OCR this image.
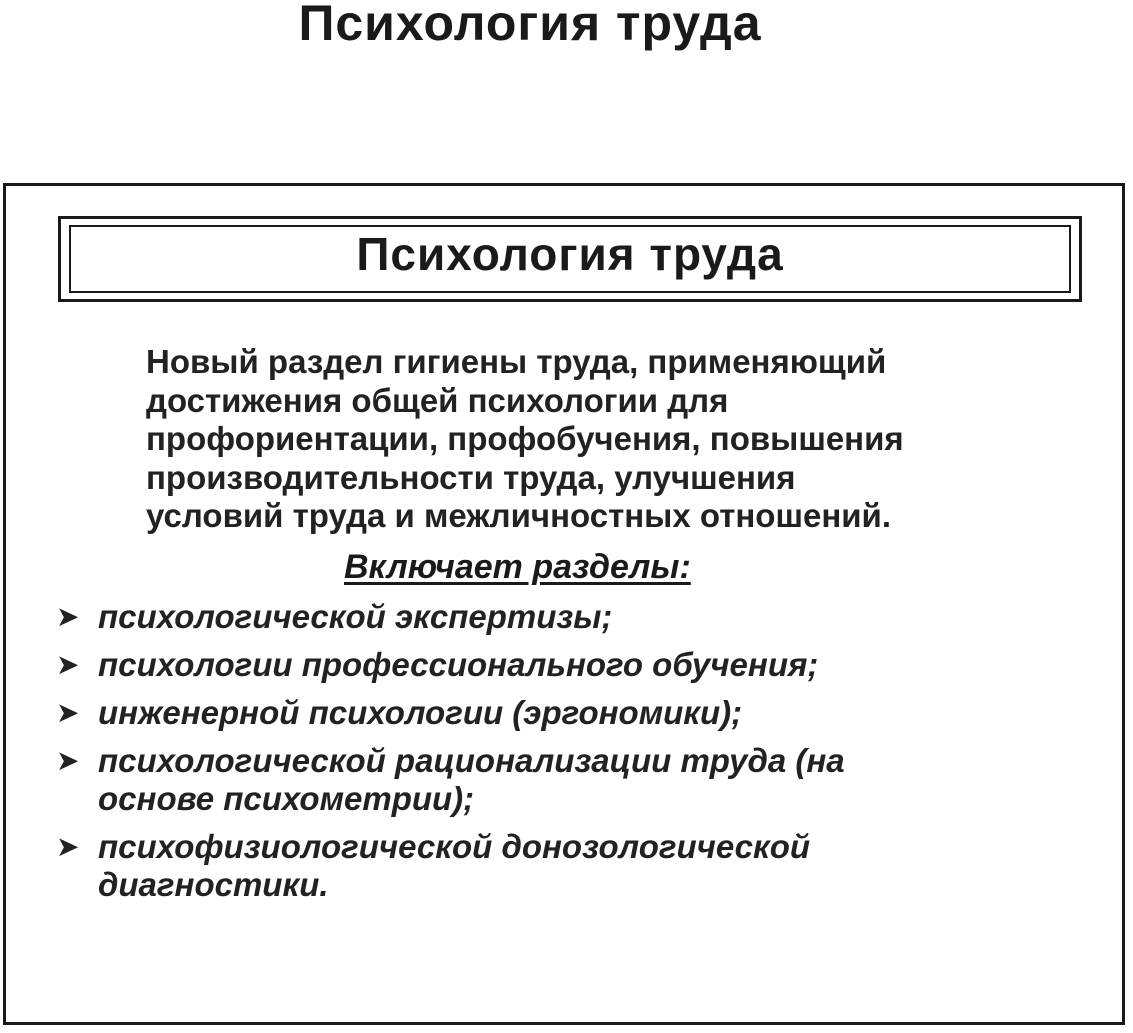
Психология труда
Психология труда
Новый раздел гигиены труда, применяющий
достижения общей психологии для
профориентации, профобучения, повышения
производительности труда, улучшения
условий труда и межличностных отношений.
Включает разделы:
➤ психологической экспертизы;
➤ психологии профессионального обучения;
➤ инженерной психологии (эргономики);
➤ психологической рационализации труда (на
основе психометрии);
➤ психофизиологической донозологической
диагностики.
